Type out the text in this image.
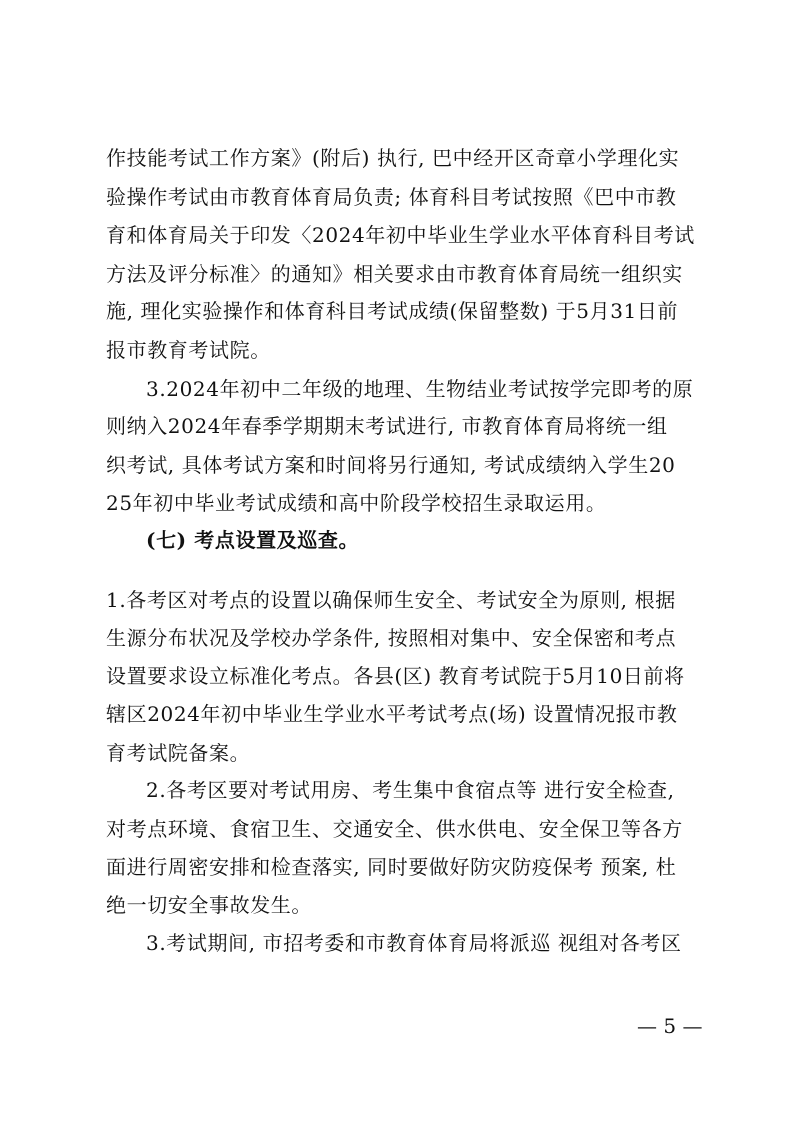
作技能考试工作方案》(附后) 执行, 巴中经开区奇章小学理化实
验操作考试由市教育体育局负责; 体育科目考试按照《巴中市教
育和体育局关于印发〈2024年初中毕业生学业水平体育科目考试
方法及评分标准〉的通知》相关要求由市教育体育局统一组织实
施, 理化实验操作和体育科目考试成绩(保留整数) 于5月31日前
报市教育考试院。
3.2024年初中二年级的地理、生物结业考试按学完即考的原
则纳入2024年春季学期期末考试进行, 市教育体育局将统一组
织考试, 具体考试方案和时间将另行通知, 考试成绩纳入学生20
25年初中毕业考试成绩和高中阶段学校招生录取运用。
(七) 考点设置及巡查。
1.各考区对考点的设置以确保师生安全、考试安全为原则, 根据
生源分布状况及学校办学条件, 按照相对集中、安全保密和考点
设置要求设立标准化考点。各县(区) 教育考试院于5月10日前将
辖区2024年初中毕业生学业水平考试考点(场) 设置情况报市教
育考试院备案。
2.各考区要对考试用房、考生集中食宿点等 进行安全检查,
对考点环境、食宿卫生、交通安全、供水供电、安全保卫等各方
面进行周密安排和检查落实, 同时要做好防灾防疫保考 预案, 杜
绝一切安全事故发生。
3.考试期间, 市招考委和市教育体育局将派巡 视组对各考区
— 5 —
